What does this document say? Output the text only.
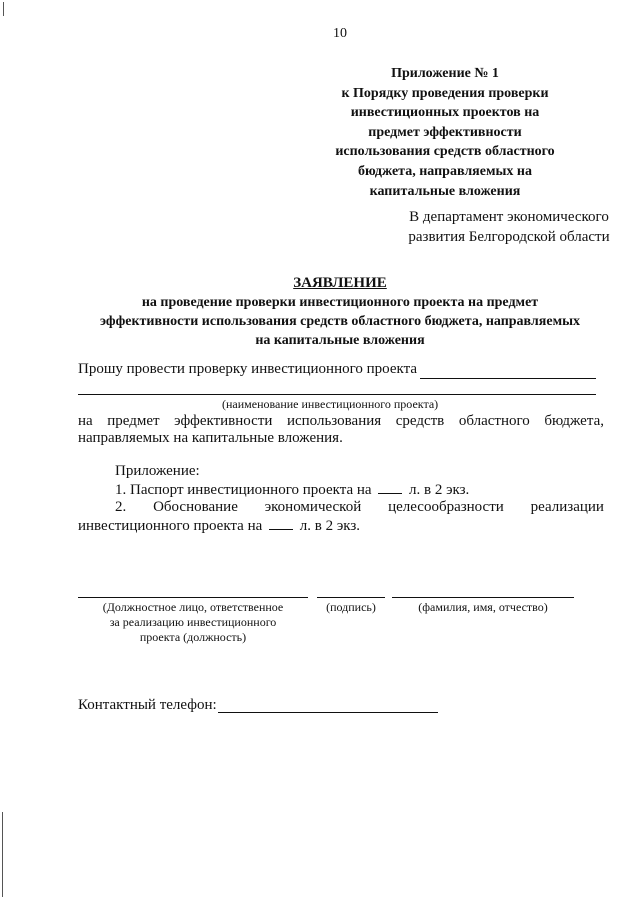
10
Приложение № 1
к Порядку проведения проверки
инвестиционных проектов на
предмет эффективности
использования средств областного
бюджета, направляемых на
капитальные вложения
В департамент экономического
развития Белгородской области
ЗАЯВЛЕНИЕ
на проведение проверки инвестиционного проекта на предмет
эффективности использования средств областного бюджета, направляемых
на капитальные вложения
Прошу провести проверку инвестиционного проекта
(наименование инвестиционного проекта)
на предмет эффективности использования средств областного бюджета,
направляемых на капитальные вложения.
Приложение:
1. Паспорт инвестиционного проекта на	л. в 2 экз.
2. Обоснование экономической целесообразности реализации
инвестиционного проекта на	л. в 2 экз.
(Должностное лицо, ответственное
за реализацию инвестиционного
проекта (должность)
(подпись)	(фамилия, имя, отчество)
Контактный телефон:
